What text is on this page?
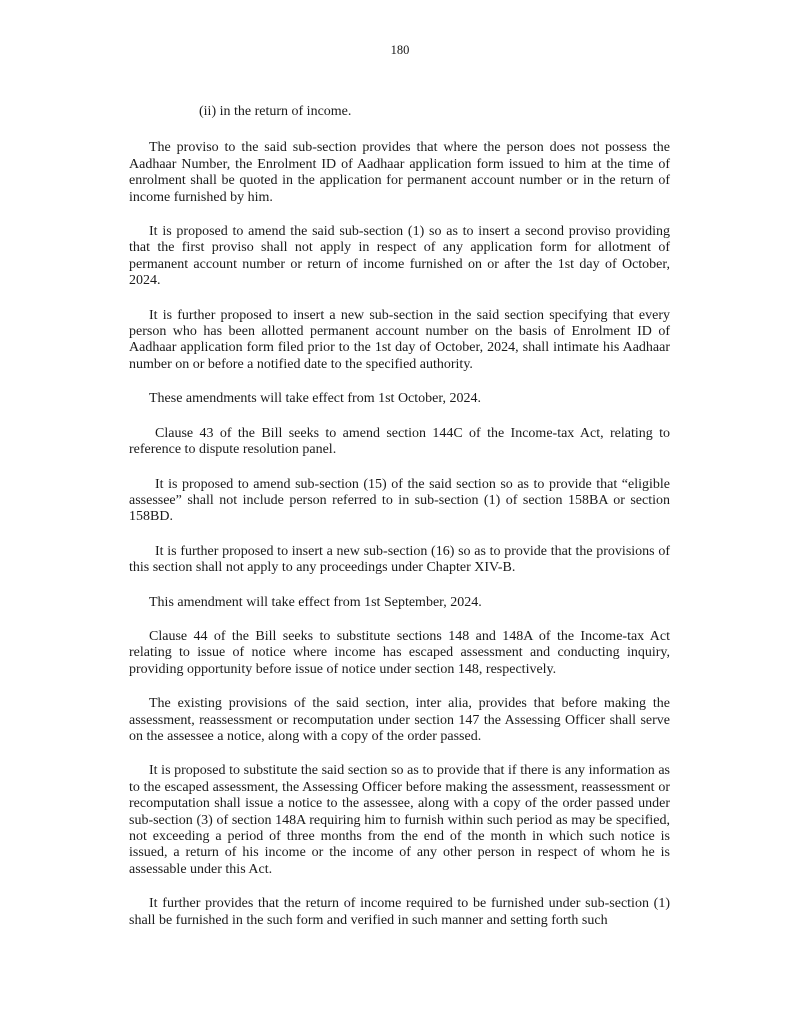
180

(ii) in the return of income.

The proviso to the said sub-section provides that where the person does not possess the Aadhaar Number, the Enrolment ID of Aadhaar application form issued to him at the time of enrolment shall be quoted in the application for permanent account number or in the return of income furnished by him.

It is proposed to amend the said sub-section (1) so as to insert a second proviso providing that the first proviso shall not apply in respect of any application form for allotment of permanent account number or return of income furnished on or after the 1st day of October, 2024.

It is further proposed to insert a new sub-section in the said section specifying that every person who has been allotted permanent account number on the basis of Enrolment ID of Aadhaar application form filed prior to the 1st day of October, 2024, shall intimate his Aadhaar number on or before a notified date to the specified authority.

These amendments will take effect from 1st October, 2024.

Clause 43 of the Bill seeks to amend section 144C of the Income-tax Act, relating to reference to dispute resolution panel.

It is proposed to amend sub-section (15) of the said section so as to provide that “eligible assessee” shall not include person referred to in sub-section (1) of section 158BA or section 158BD.

It is further proposed to insert a new sub-section (16) so as to provide that the provisions of this section shall not apply to any proceedings under Chapter XIV-B.

This amendment will take effect from 1st September, 2024.

Clause 44 of the Bill seeks to substitute sections 148 and 148A of the Income-tax Act relating to issue of notice where income has escaped assessment and conducting inquiry, providing opportunity before issue of notice under section 148, respectively.

The existing provisions of the said section, inter alia, provides that before making the assessment, reassessment or recomputation under section 147 the Assessing Officer shall serve on the assessee a notice, along with a copy of the order passed.

It is proposed to substitute the said section so as to provide that if there is any information as to the escaped assessment, the Assessing Officer before making the assessment, reassessment or recomputation shall issue a notice to the assessee, along with a copy of the order passed under sub-section (3) of section 148A requiring him to furnish within such period as may be specified, not exceeding a period of three months from the end of the month in which such notice is issued, a return of his income or the income of any other person in respect of whom he is assessable under this Act.

It further provides that the return of income required to be furnished under sub-section (1) shall be furnished in the such form and verified in such manner and setting forth such
